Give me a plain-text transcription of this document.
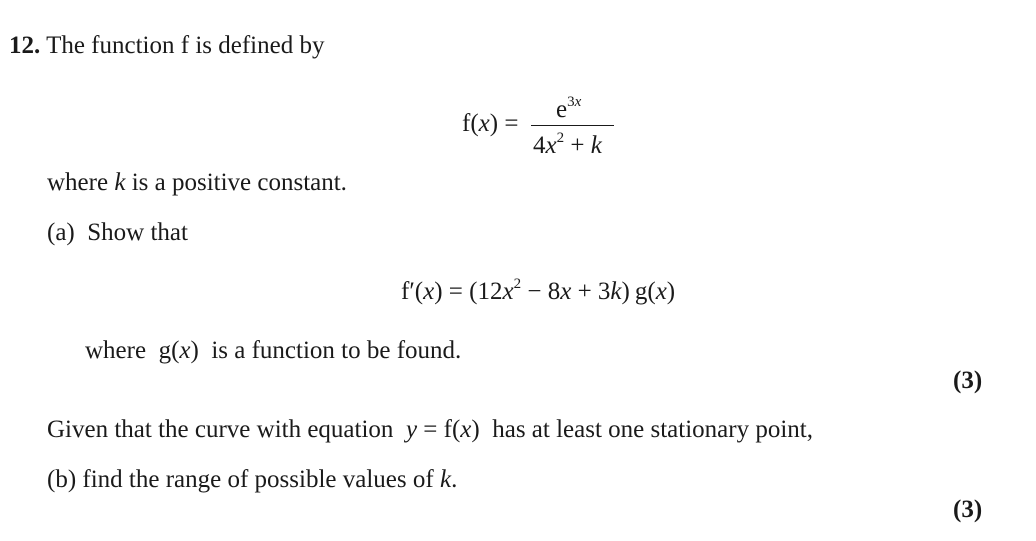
12. The function f is defined by
f(x) =
$e^{3x}$
$4x^2 + k$
where k is a positive constant.
(a) Show that
$f'(x) = (12x^2 - 8x + 3k)$ g(x)
where  g(x)  is a function to be found.
(3)
Given that the curve with equation  y = f(x)  has at least one stationary point,
(b) find the range of possible values of k.
(3)
